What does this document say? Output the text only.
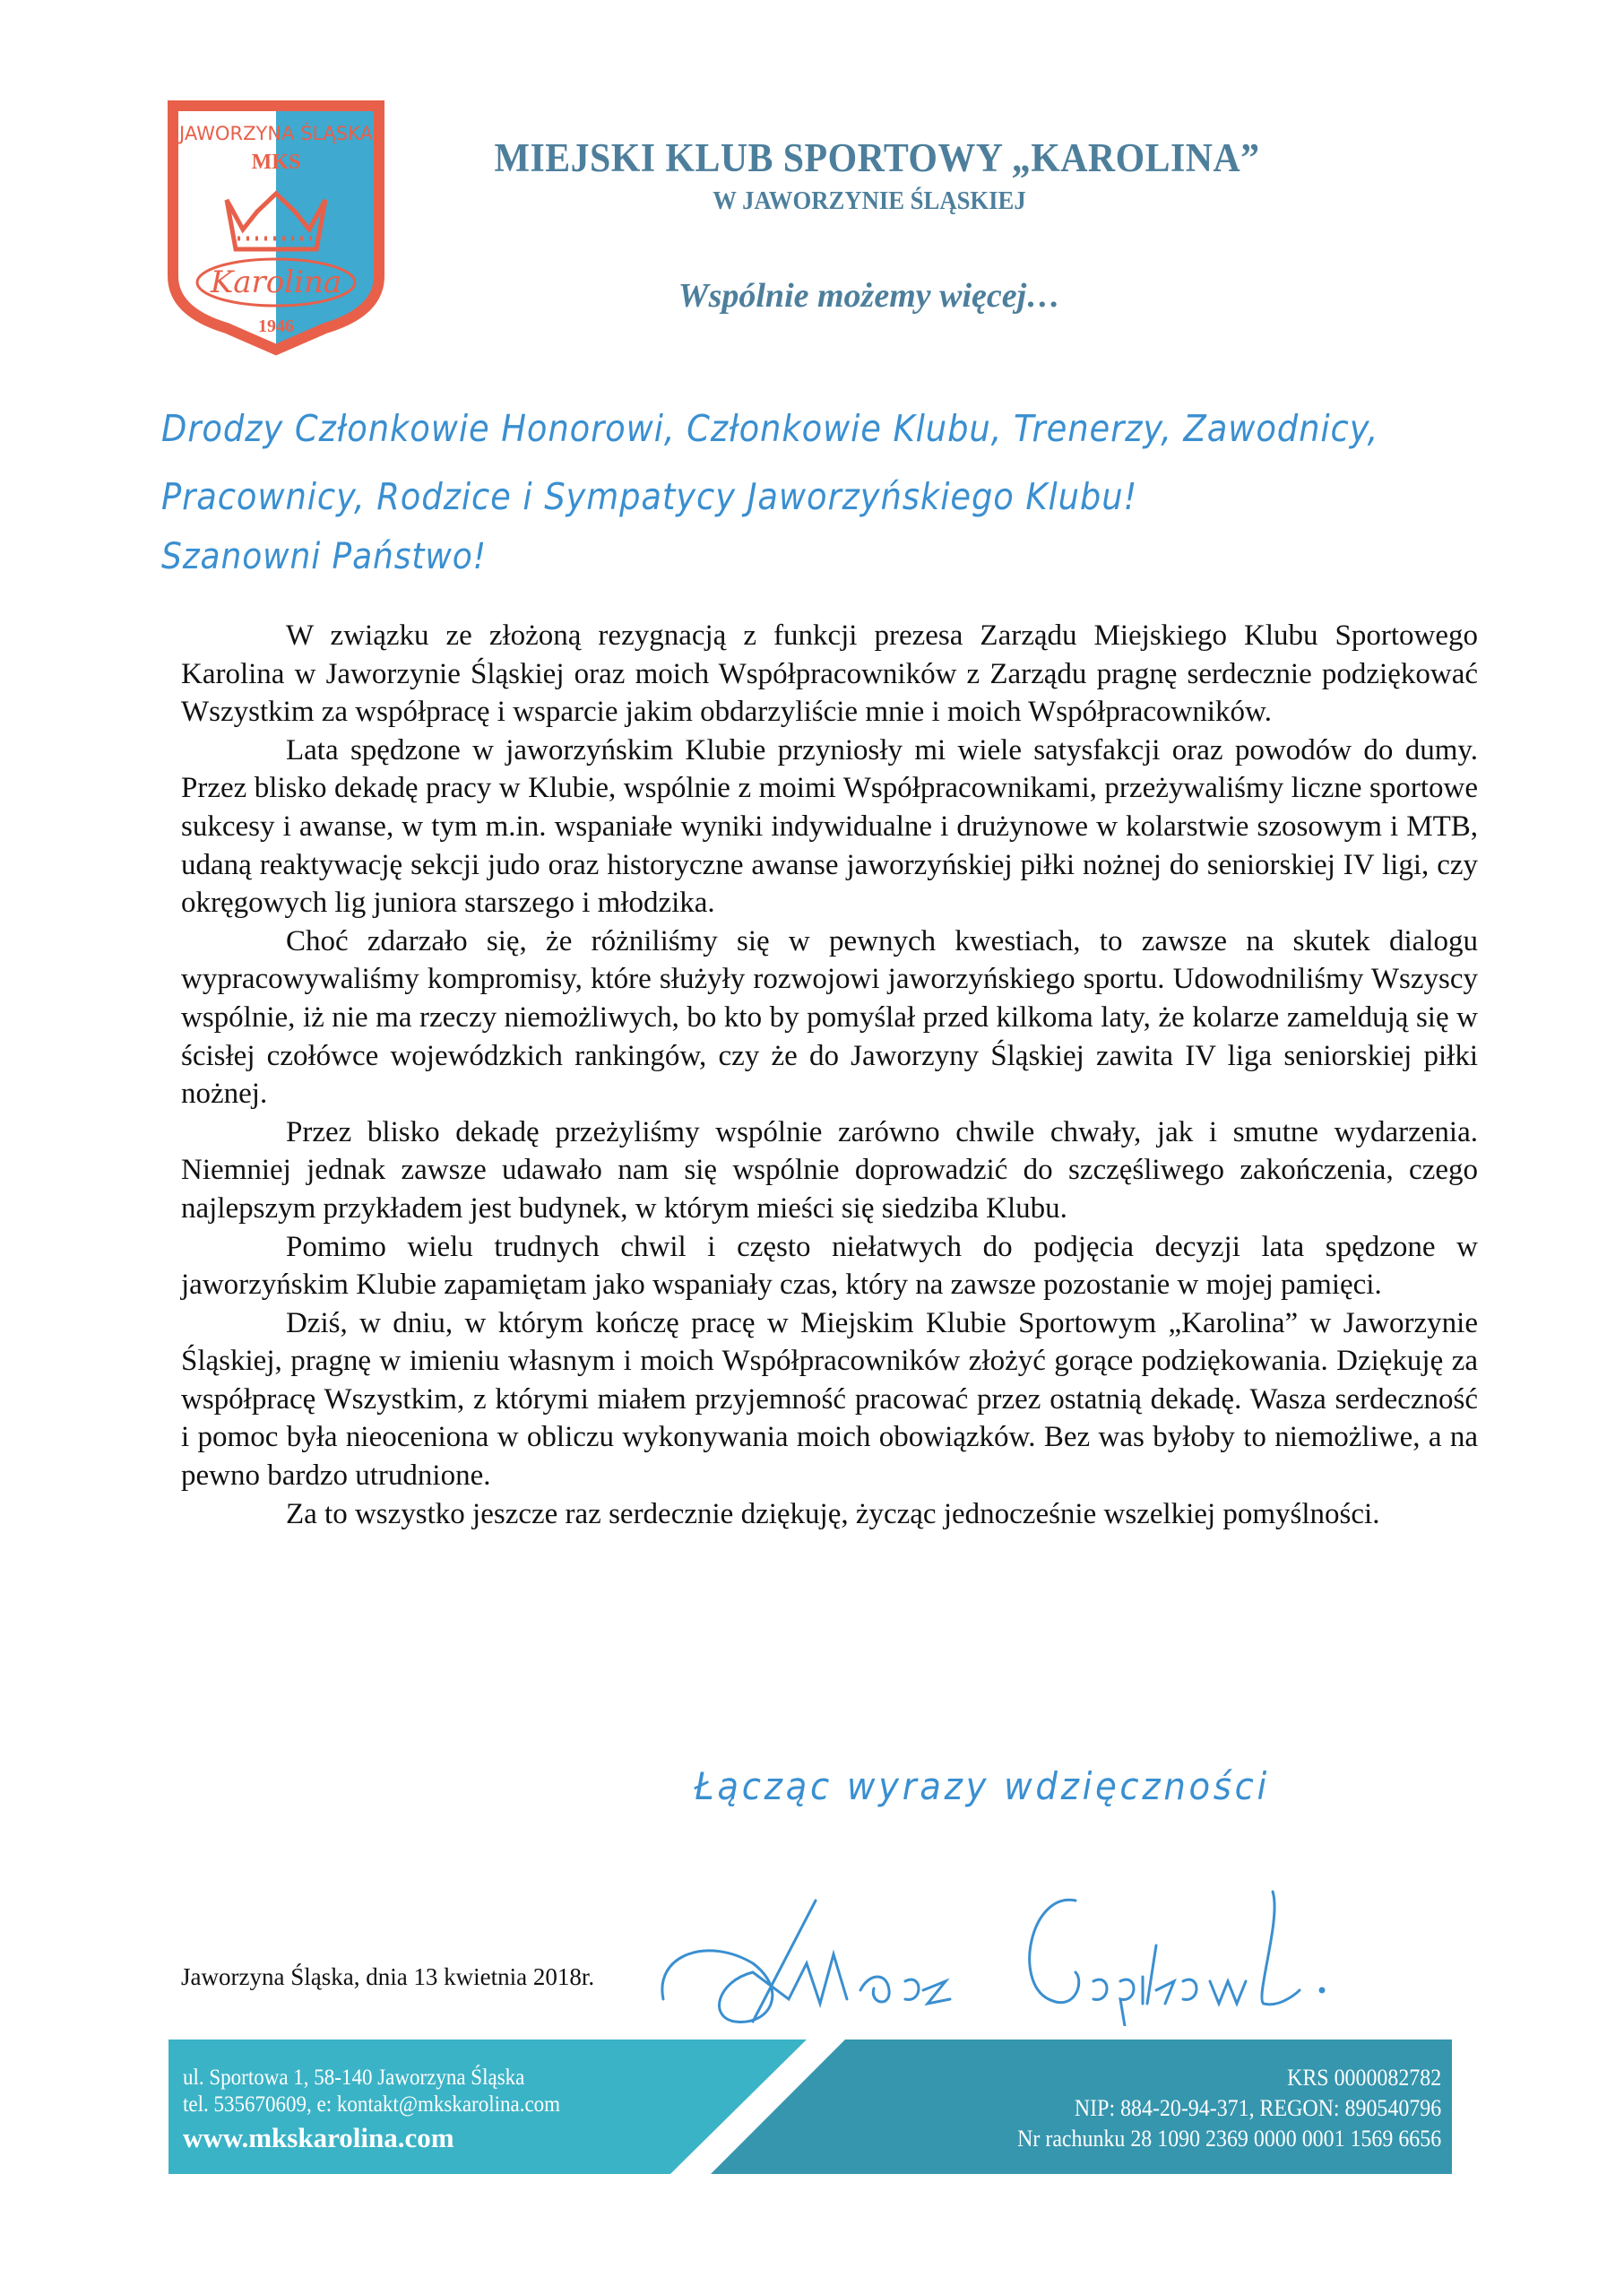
JAWORZYNA ŚLĄSKA
MKS
Karolina
1946
MIEJSKI KLUB SPORTOWY „KAROLINA”
W JAWORZYNIE ŚLĄSKIEJ
Wspólnie możemy więcej…
Drodzy Członkowie Honorowi, Członkowie Klubu, Trenerzy, Zawodnicy,
Pracownicy, Rodzice i Sympatycy Jaworzyńskiego Klubu!
Szanowni Państwo!

W związku ze złożoną rezygnacją z funkcji prezesa Zarządu Miejskiego Klubu Sportowego Karolina w Jaworzynie Śląskiej oraz moich Współpracowników z Zarządu pragnę serdecznie podziękować Wszystkim za współpracę i wsparcie jakim obdarzyliście mnie i moich Współpracowników.

Lata spędzone w jaworzyńskim Klubie przyniosły mi wiele satysfakcji oraz powodów do dumy. Przez blisko dekadę pracy w Klubie, wspólnie z moimi Współpracownikami, przeżywaliśmy liczne sportowe sukcesy i awanse, w tym m.in. wspaniałe wyniki indywidualne i drużynowe w kolarstwie szosowym i MTB, udaną reaktywację sekcji judo oraz historyczne awanse jaworzyńskiej piłki nożnej do seniorskiej IV ligi, czy okręgowych lig juniora starszego i młodzika.

Choć zdarzało się, że różniliśmy się w pewnych kwestiach, to zawsze na skutek dialogu wypracowywaliśmy kompromisy, które służyły rozwojowi jaworzyńskiego sportu. Udowodniliśmy Wszyscy wspólnie, iż nie ma rzeczy niemożliwych, bo kto by pomyślał przed kilkoma laty, że kolarze zameldują się w ścisłej czołówce wojewódzkich rankingów, czy że do Jaworzyny Śląskiej zawita IV liga seniorskiej piłki nożnej.

Przez blisko dekadę przeżyliśmy wspólnie zarówno chwile chwały, jak i smutne wydarzenia. Niemniej jednak zawsze udawało nam się wspólnie doprowadzić do szczęśliwego zakończenia, czego najlepszym przykładem jest budynek, w którym mieści się siedziba Klubu.

Pomimo wielu trudnych chwil i często niełatwych do podjęcia decyzji lata spędzone w jaworzyńskim Klubie zapamiętam jako wspaniały czas, który na zawsze pozostanie w mojej pamięci.

Dziś, w dniu, w którym kończę pracę w Miejskim Klubie Sportowym „Karolina” w Jaworzynie Śląskiej, pragnę w imieniu własnym i moich Współpracowników złożyć gorące podziękowania. Dziękuję za współpracę Wszystkim, z którymi miałem przyjemność pracować przez ostatnią dekadę. Wasza serdeczność i pomoc była nieoceniona w obliczu wykonywania moich obowiązków. Bez was byłoby to niemożliwe, a na pewno bardzo utrudnione.

Za to wszystko jeszcze raz serdecznie dziękuję, życząc jednocześnie wszelkiej pomyślności.

Łącząc wyrazy wdzięczności
Jaworzyna Śląska, dnia 13 kwietnia 2018r.
ul. Sportowa 1, 58-140 Jaworzyna Śląska
tel. 535670609, e: kontakt@mkskarolina.com
www.mkskarolina.com
KRS 0000082782
NIP: 884-20-94-371, REGON: 890540796
Nr rachunku 28 1090 2369 0000 0001 1569 6656
